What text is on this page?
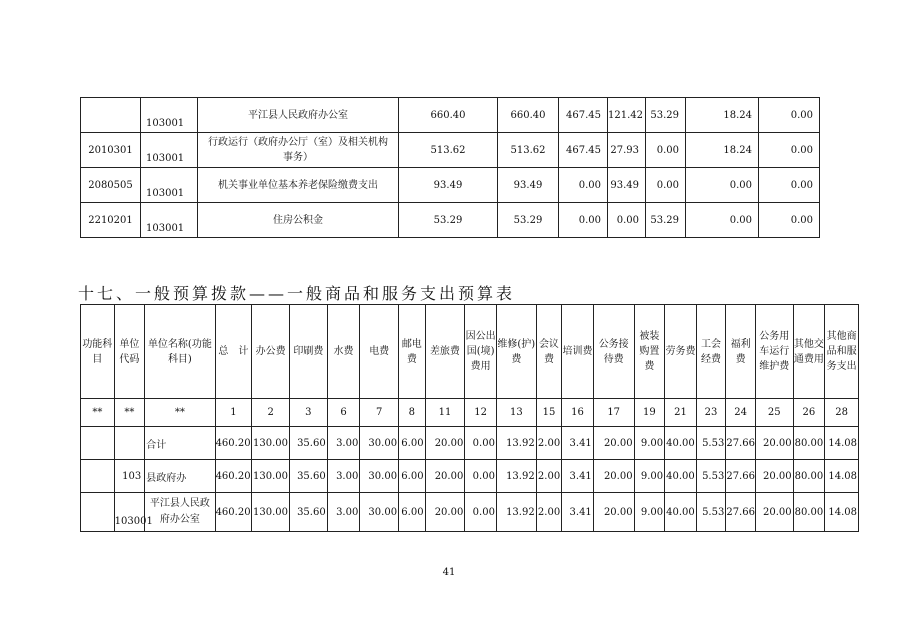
	103001	平江县人民政府办公室	660.40	660.40	467.45	121.42	53.29	18.24	0.00
2010301	103001	行政运行（政府办公厅（室）及相关机构事务）	513.62	513.62	467.45	27.93	0.00	18.24	0.00
2080505	103001	机关事业单位基本养老保险缴费支出	93.49	93.49	0.00	93.49	0.00	0.00	0.00
2210201	103001	住房公积金	53.29	53.29	0.00	0.00	53.29	0.00	0.00
十七、一般预算拨款——一般商品和服务支出预算表
功能科目	单位代码	单位名称(功能科目)	总　计	办公费	印刷费	水费	电费	邮电费	差旅费	因公出国(境)费用	维修(护)费	会议费	培训费	公务接待费	被装购置费	劳务费	工会经费	福利费	公务用车运行维护费	其他交通费用	其他商品和服务支出
**	**	**	1	2	3	6	7	8	11	12	13	15	16	17	19	21	23	24	25	26	28
		合计	460.20	130.00	35.60	3.00	30.00	6.00	20.00	0.00	13.92	2.00	3.41	20.00	9.00	40.00	5.53	27.66	20.00	80.00	14.08
	103	县政府办	460.20	130.00	35.60	3.00	30.00	6.00	20.00	0.00	13.92	2.00	3.41	20.00	9.00	40.00	5.53	27.66	20.00	80.00	14.08
	103001	平江县人民政府办公室	460.20	130.00	35.60	3.00	30.00	6.00	20.00	0.00	13.92	2.00	3.41	20.00	9.00	40.00	5.53	27.66	20.00	80.00	14.08
41
